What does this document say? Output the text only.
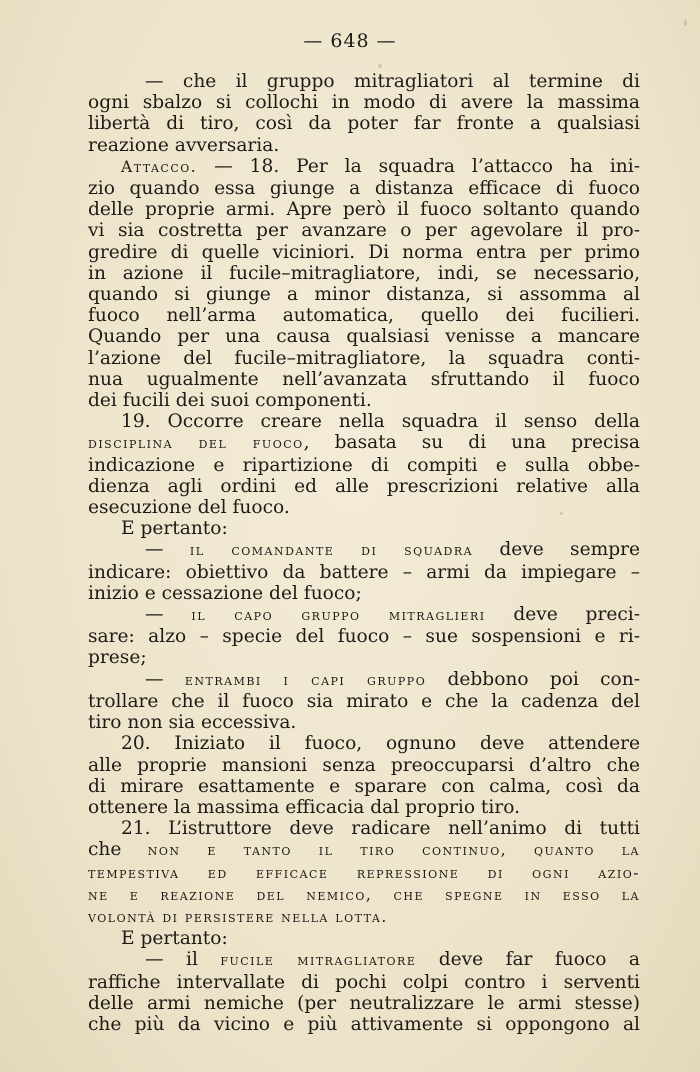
— 648 —
— che il gruppo mitragliatori al termine di
ogni sbalzo si collochi in modo di avere la massima
libertà di tiro, così da poter far fronte a qualsiasi
reazione avversaria.
Attacco. — 18. Per la squadra l’attacco ha ini-
zio quando essa giunge a distanza efficace di fuoco
delle proprie armi. Apre però il fuoco soltanto quando
vi sia costretta per avanzare o per agevolare il pro-
gredire di quelle viciniori. Di norma entra per primo
in azione il fucile–mitragliatore, indi, se necessario,
quando si giunge a minor distanza, si assomma al
fuoco nell’arma automatica, quello dei fucilieri.
Quando per una causa qualsiasi venisse a mancare
l’azione del fucile–mitragliatore, la squadra conti-
nua ugualmente nell’avanzata sfruttando il fuoco
dei fucili dei suoi componenti.
19. Occorre creare nella squadra il senso della
disciplina del fuoco, basata su di una precisa
indicazione e ripartizione di compiti e sulla obbe-
dienza agli ordini ed alle prescrizioni relative alla
esecuzione del fuoco.
E pertanto:
— il comandante di squadra deve sempre
indicare: obiettivo da battere – armi da impiegare –
inizio e cessazione del fuoco;
— il capo gruppo mitraglieri deve preci-
sare: alzo – specie del fuoco – sue sospensioni e ri-
prese;
— entrambi i capi gruppo debbono poi con-
trollare che il fuoco sia mirato e che la cadenza del
tiro non sia eccessiva.
20. Iniziato il fuoco, ognuno deve attendere
alle proprie mansioni senza preoccuparsi d’altro che
di mirare esattamente e sparare con calma, così da
ottenere la massima efficacia dal proprio tiro.
21. L’istruttore deve radicare nell’animo di tutti
che non e tanto il tiro continuo, quanto la
tempestiva ed efficace repressione di ogni azio-
ne e reazione del nemico, che spegne in esso la
volontà di persistere nella lotta.
E pertanto:
— il fucile mitragliatore deve far fuoco a
raffiche intervallate di pochi colpi contro i serventi
delle armi nemiche (per neutralizzare le armi stesse)
che più da vicino e più attivamente si oppongono al
